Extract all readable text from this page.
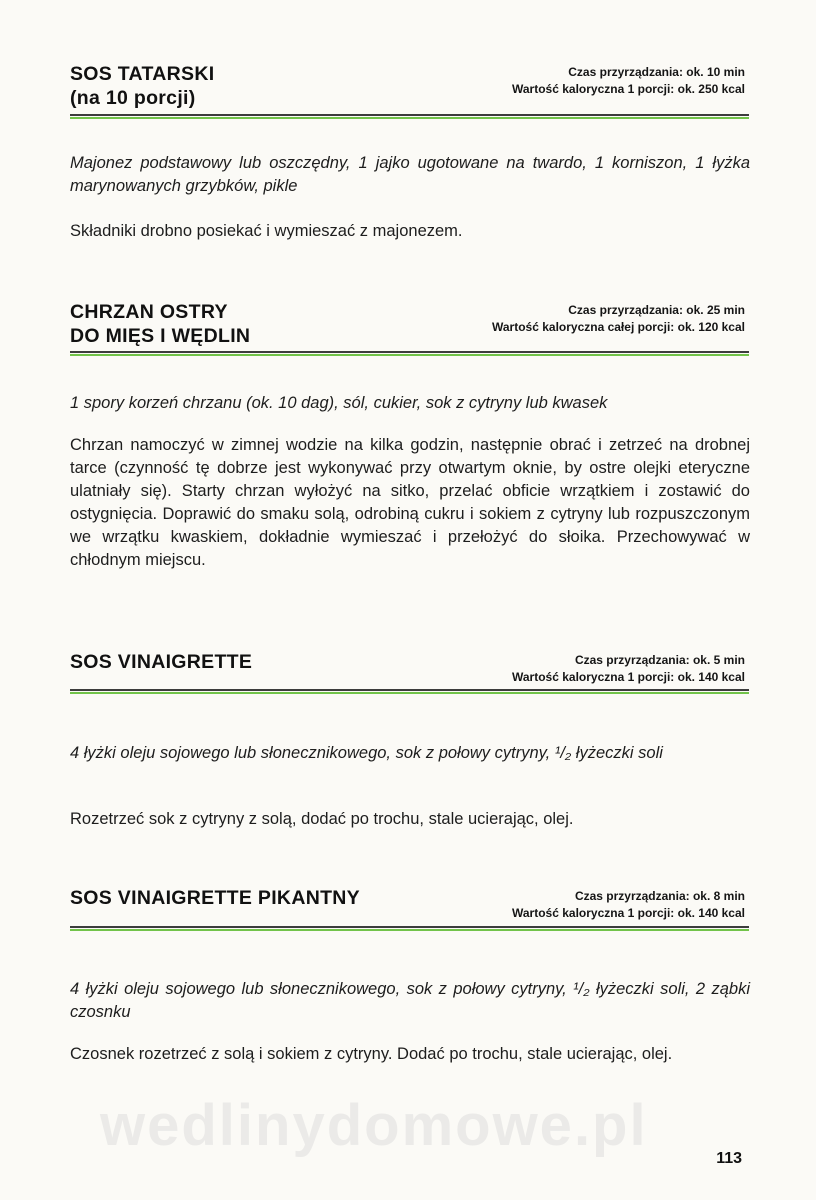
SOS TATARSKI
(na 10 porcji)
Czas przyrządzania: ok. 10 min
Wartość kaloryczna 1 porcji: ok. 250 kcal
Majonez podstawowy lub oszczędny, 1 jajko ugotowane na twardo, 1 korniszon, 1 łyżka marynowanych grzybków, pikle
Składniki drobno posiekać i wymieszać z majonezem.
CHRZAN OSTRY
DO MIĘS I WĘDLIN
Czas przyrządzania: ok. 25 min
Wartość kaloryczna całej porcji: ok. 120 kcal
1 spory korzeń chrzanu (ok. 10 dag), sól, cukier, sok z cytryny lub kwasek
Chrzan namoczyć w zimnej wodzie na kilka godzin, następnie obrać i zetrzeć na drobnej tarce (czynność tę dobrze jest wykonywać przy otwartym oknie, by ostre olejki eteryczne ulatniały się). Starty chrzan wyłożyć na sitko, przelać obficie wrzątkiem i zostawić do ostygnięcia. Doprawić do smaku solą, odrobiną cukru i sokiem z cytryny lub rozpuszczonym we wrzątku kwaskiem, dokładnie wymieszać i przełożyć do słoika. Przechowywać w chłodnym miejscu.
SOS VINAIGRETTE	Czas przyrządzania: ok. 5 min
Wartość kaloryczna 1 porcji: ok. 140 kcal
4 łyżki oleju sojowego lub słonecznikowego, sok z połowy cytryny, ¹/₂ łyżeczki soli
Rozetrzeć sok z cytryny z solą, dodać po trochu, stale ucierając, olej.
SOS VINAIGRETTE PIKANTNY	Czas przyrządzania: ok. 8 min
Wartość kaloryczna 1 porcji: ok. 140 kcal
4 łyżki oleju sojowego lub słonecznikowego, sok z połowy cytryny, ¹/₂ łyżeczki soli, 2 ząbki czosnku
Czosnek rozetrzeć z solą i sokiem z cytryny. Dodać po trochu, stale ucierając, olej.
wedlinydomowe.pl
113
